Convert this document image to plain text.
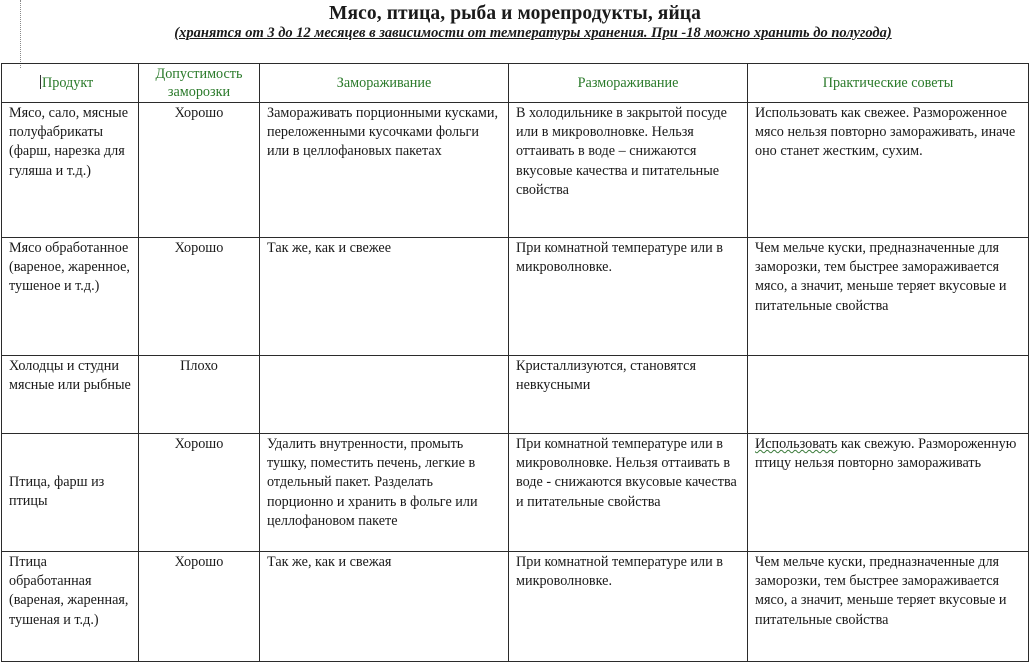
Мясо, птица, рыба и морепродукты, яйца
(хранятся от 3 до 12 месяцев в зависимости от температуры хранения. При -18 можно хранить до полугода)
Продукт	Допустимость заморозки	Замораживание	Размораживание	Практические советы
Мясо, сало, мясные полуфабрикаты (фарш, нарезка для гуляша и т.д.)	Хорошо	Замораживать порционными кусками, переложенными кусочками фольги или в целлофановых пакетах	В холодильнике в закрытой посуде или в микроволновке. Нельзя оттаивать в воде – снижаются вкусовые качества и питательные свойства	Использовать как свежее. Размороженное мясо нельзя повторно замораживать, иначе оно станет жестким, сухим.
Мясо обработанное (вареное, жаренное, тушеное и т.д.)	Хорошо	Так же, как и свежее	При комнатной температуре или в микроволновке.	Чем мельче куски, предназначенные для заморозки, тем быстрее замораживается мясо, а значит, меньше теряет вкусовые и питательные свойства
Холодцы и студни мясные или рыбные	Плохо		Кристаллизуются, становятся невкусными	
Птица, фарш из птицы	Хорошо	Удалить внутренности, промыть тушку, поместить печень, легкие в отдельный пакет. Разделать порционно и хранить в фольге или целлофановом пакете	При комнатной температуре или в микроволновке. Нельзя оттаивать в воде - снижаются вкусовые качества и питательные свойства	Использовать как свежую. Размороженную птицу нельзя повторно замораживать
Птица обработанная (вареная, жаренная, тушеная и т.д.)	Хорошо	Так же, как и свежая	При комнатной температуре или в микроволновке.	Чем мельче куски, предназначенные для заморозки, тем быстрее замораживается мясо, а значит, меньше теряет вкусовые и питательные свойства
